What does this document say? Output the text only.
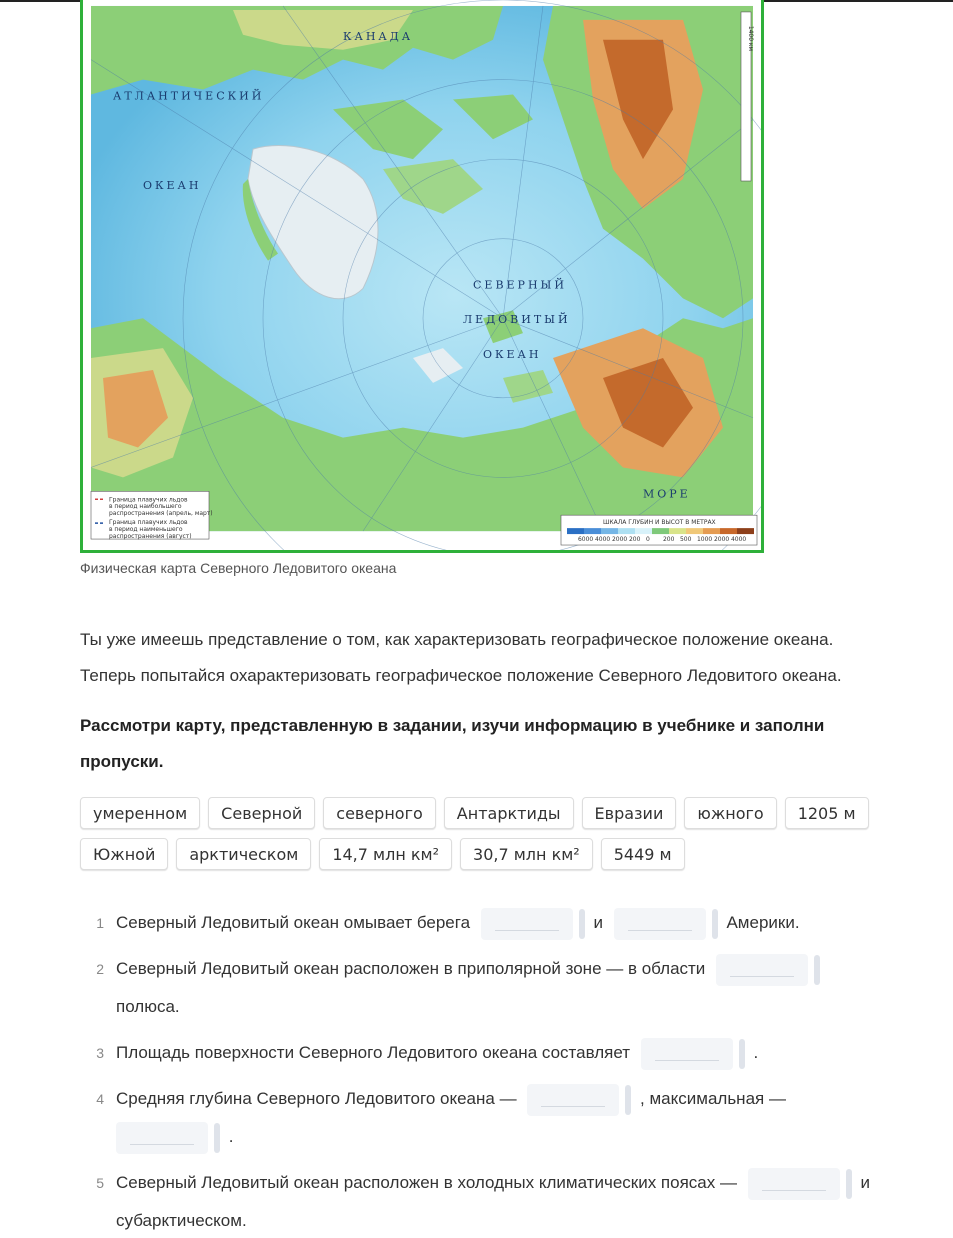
КАНАДА
АТЛАНТИЧЕСКИЙ
ОКЕАН
СЕВЕРНЫЙ
ЛЕДОВИТЫЙ
ОКЕАН
МОРЕ
1400 км
Граница плавучих льдов в период наибольшего распространения (апрель, март)
Граница плавучих льдов в период наименьшего распространения (август)
ШКАЛА ГЛУБИН И ВЫСОТ В МЕТРАХ
6000 4000 2000 200 0 200 500 1000 2000 4000
Физическая карта Северного Ледовитого океана
Ты уже имеешь представление о том, как характеризовать географическое положение океана.
Теперь попытайся охарактеризовать географическое положение Северного Ледовитого океана.
Рассмотри карту, представленную в задании, изучи информацию в учебнике и заполни пропуски.
умеренном	Северной	северного	Антарктиды	Евразии	южного	1205 м
Южной	арктическом	14,7 млн км²	30,7 млн км²	5449 м
1 Северный Ледовитый океан омывает берега	и	Америки.
2 Северный Ледовитый океан расположен в приполярной зоне — в области
полюса.
3 Площадь поверхности Северного Ледовитого океана составляет	.
4 Средняя глубина Северного Ледовитого океана —	, максимальная —
.
5 Северный Ледовитый океан расположен в холодных климатических поясах —	и
субарктическом.
